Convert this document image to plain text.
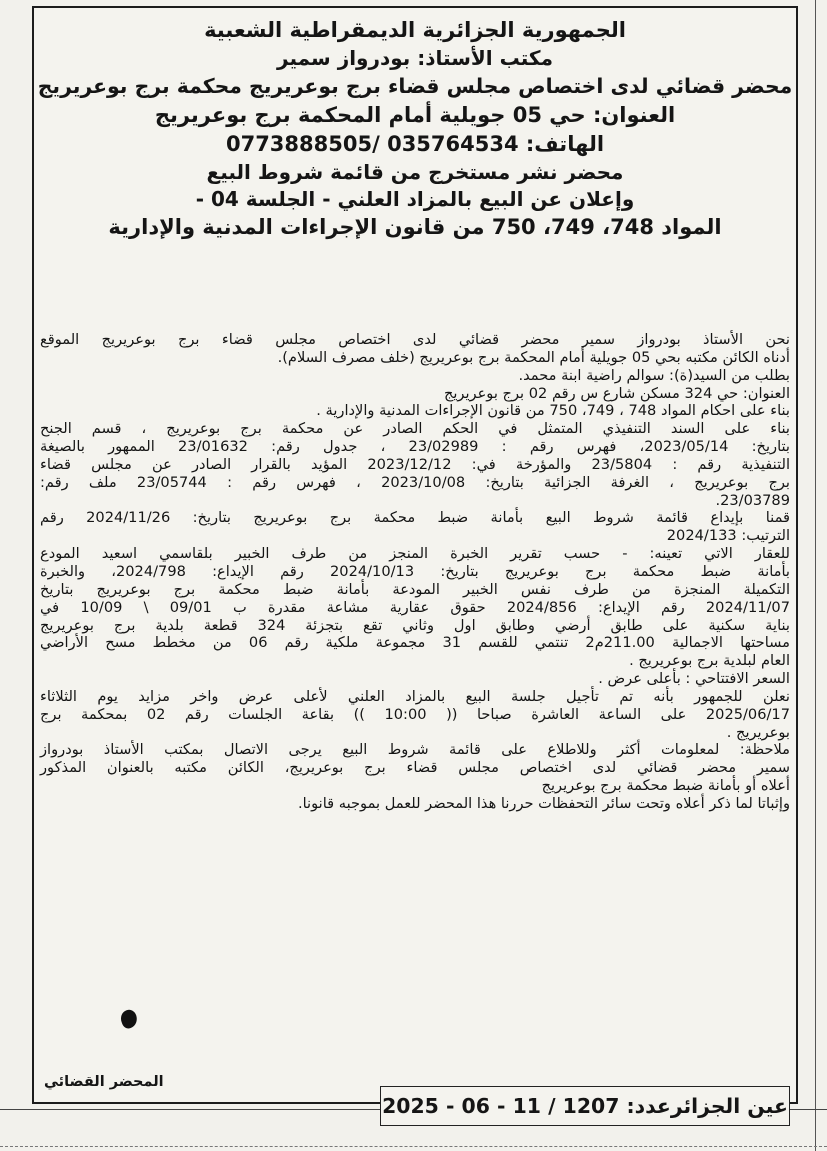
الجمهورية الجزائرية الديمقراطية الشعبية

مكتب الأستاذ: بودرواز سمير

محضر قضائي لدى اختصاص مجلس قضاء برج بوعريريج محكمة برج بوعريريج

العنوان: حي 05 جويلية أمام المحكمة برج بوعريريج

الهاتف: 035764534 /0773888505

محضر نشر مستخرج من قائمة شروط البيع

وإعلان عن البيع بالمزاد العلني - الجلسة 04 -

المواد 748، 749، 750 من قانون الإجراءات المدنية والإدارية

نحن الأستاذ بودرواز سمير محضر قضائي لدى اختصاص مجلس قضاء برج بوعريريج الموقع

أدناه الكائن مكتبه بحي 05 جويلية أمام المحكمة برج بوعريريج (خلف مصرف السلام).

بطلب من السيد(ة): سوالم راضية ابنة محمد.

العنوان: حي 324 مسكن شارع س رقم 02 برج بوعريريج

بناء على احكام المواد 748 ، 749، 750 من قانون الإجراءات المدنية والإدارية .

بناء على السند التنفيذي المتمثل في الحكم الصادر عن محكمة برج بوعريريج ، قسم الجنح

بتاريخ: 2023/05/14، فهرس رقم : 23/02989 ، جدول رقم: 23/01632 الممهور بالصيغة

التنفيذية رقم : 23/5804 والمؤرخة في: 2023/12/12 المؤيد بالقرار الصادر عن مجلس قضاء

برج بوعريريج ، الغرفة الجزائية بتاريخ: 2023/10/08 ، فهرس رقم : 23/05744 ملف رقم:

23/03789.

قمنا بإيداع قائمة شروط البيع بأمانة ضبط محكمة برج بوعريريج بتاريخ: 2024/11/26 رقم

الترتيب: 2024/133

للعقار الاتي تعينه: - حسب تقرير الخبرة المنجز من طرف الخبير بلقاسمي اسعيد المودع

بأمانة ضبط محكمة برج بوعريريج بتاريخ: 2024/10/13 رقم الإيداع: 2024/798، والخبرة

التكميلة المنجزة من طرف نفس الخبير المودعة بأمانة ضبط محكمة برج بوعريريج بتاريخ

2024/11/07 رقم الإيداع: 2024/856 حقوق عقارية مشاعة مقدرة ب 09/01 \ 10/09 في

بناية سكنية على طابق أرضي وطابق اول وثاني تقع بتجزئة 324 قطعة بلدية برج بوعريريج

مساحتها الاجمالية 211.00م2 تنتمي للقسم 31 مجموعة ملكية رقم 06 من مخطط مسح الأراضي

العام لبلدية برج بوعريريج .

السعر الافتتاحي : بأعلى عرض .

نعلن للجمهور بأنه تم تأجيل جلسة البيع بالمزاد العلني لأعلى عرض واخر مزايد يوم الثلاثاء

2025/06/17 على الساعة العاشرة صباحا (( 10:00 )) بقاعة الجلسات رقم 02 بمحكمة برج

بوعريريج .

ملاحظة: لمعلومات أكثر وللاطلاع على قائمة شروط البيع يرجى الاتصال بمكتب الأستاذ بودرواز

سمير محضر قضائي لدى اختصاص مجلس قضاء برج بوعريريج، الكائن مكتبه بالعنوان المذكور

أعلاه أو بأمانة ضبط محكمة برج بوعريريج

وإثباتا لما ذكر أعلاه وتحت سائر التحفظات حررنا هذا المحضر للعمل بموجبه قانونا.

المحضر القضائي
عين الجزائرعدد: 1207 / 11 - 06 - 2025
